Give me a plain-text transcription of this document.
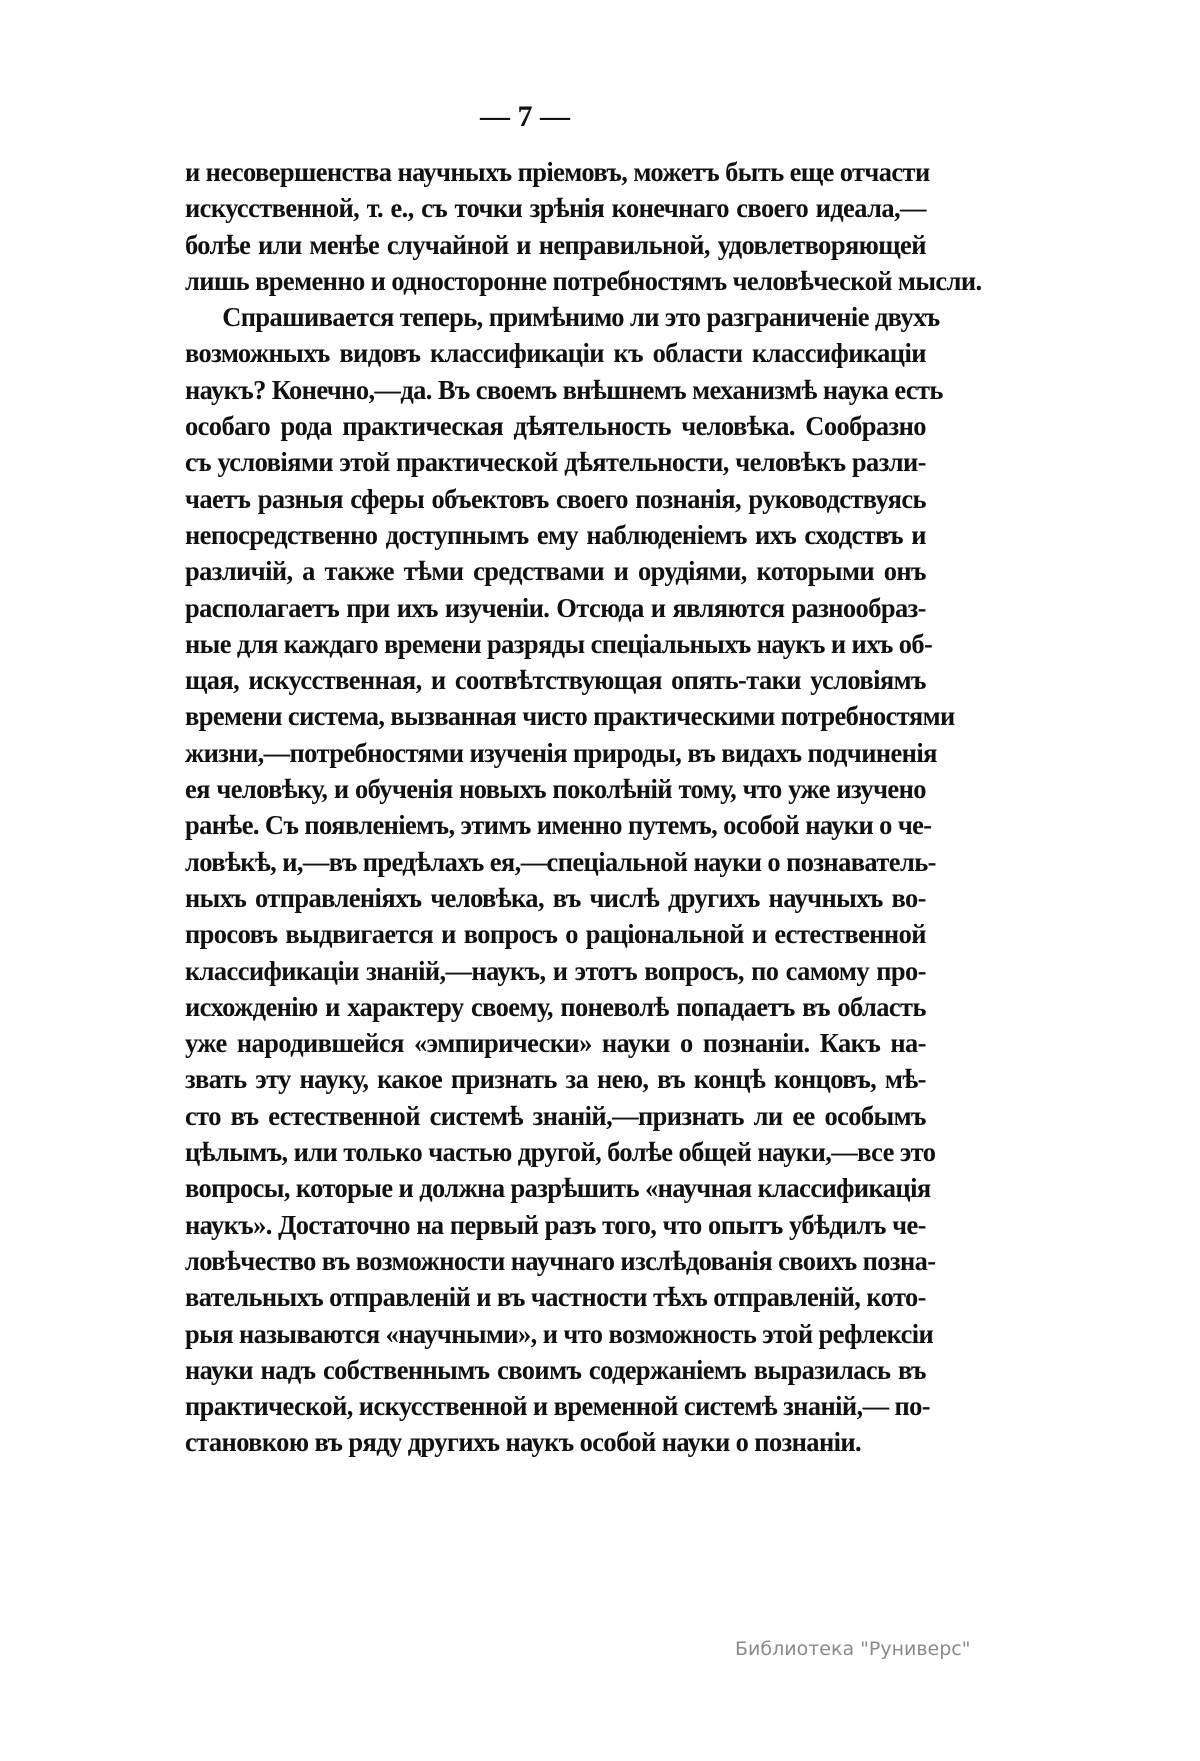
— 7 —
и несовершенства научныхъ пріемовъ, можетъ быть еще отчасти
искусственной, т. е., съ точки зрѣнія конечнаго своего идеала,—
болѣе или менѣе случайной и неправильной, удовлетворяющей
лишь временно и односторонне потребностямъ человѣческой мысли.
Спрашивается теперь, примѣнимо ли это разграниченіе двухъ
возможныхъ видовъ классификаціи къ области классификаціи
наукъ? Конечно,—да. Въ своемъ внѣшнемъ механизмѣ наука есть
особаго рода практическая дѣятельность человѣка. Сообразно
съ условіями этой практической дѣятельности, человѣкъ разли-
чаетъ разныя сферы объектовъ своего познанія, руководствуясь
непосредственно доступнымъ ему наблюденіемъ ихъ сходствъ и
различій, а также тѣми средствами и орудіями, которыми онъ
располагаетъ при ихъ изученіи. Отсюда и являются разнообраз-
ные для каждаго времени разряды спеціальныхъ наукъ и ихъ об-
щая, искусственная, и соотвѣтствующая опять-таки условіямъ
времени система, вызванная чисто практическими потребностями
жизни,—потребностями изученія природы, въ видахъ подчиненія
ея человѣку, и обученія новыхъ поколѣній тому, что уже изучено
ранѣе. Съ появленіемъ, этимъ именно путемъ, особой науки о че-
ловѣкѣ, и,—въ предѣлахъ ея,—спеціальной науки о познаватель-
ныхъ отправленіяхъ человѣка, въ числѣ другихъ научныхъ во-
просовъ выдвигается и вопросъ о раціональной и естественной
классификаціи знаній,—наукъ, и этотъ вопросъ, по самому про-
исхожденію и характеру своему, поневолѣ попадаетъ въ область
уже народившейся «эмпирически» науки о познаніи. Какъ на-
звать эту науку, какое признать за нею, въ концѣ концовъ, мѣ-
сто въ естественной системѣ знаній,—признать ли ее особымъ
цѣлымъ, или только частью другой, болѣе общей науки,—все это
вопросы, которые и должна разрѣшить «научная классификація
наукъ». Достаточно на первый разъ того, что опытъ убѣдилъ че-
ловѣчество въ возможности научнаго изслѣдованія своихъ позна-
вательныхъ отправленій и въ частности тѣхъ отправленій, кото-
рыя называются «научными», и что возможность этой рефлексіи
науки надъ собственнымъ своимъ содержаніемъ выразилась въ
практической, искусственной и временной системѣ знаній,— по-
становкою въ ряду другихъ наукъ особой науки о познаніи.
Библиотека "Руниверс"
